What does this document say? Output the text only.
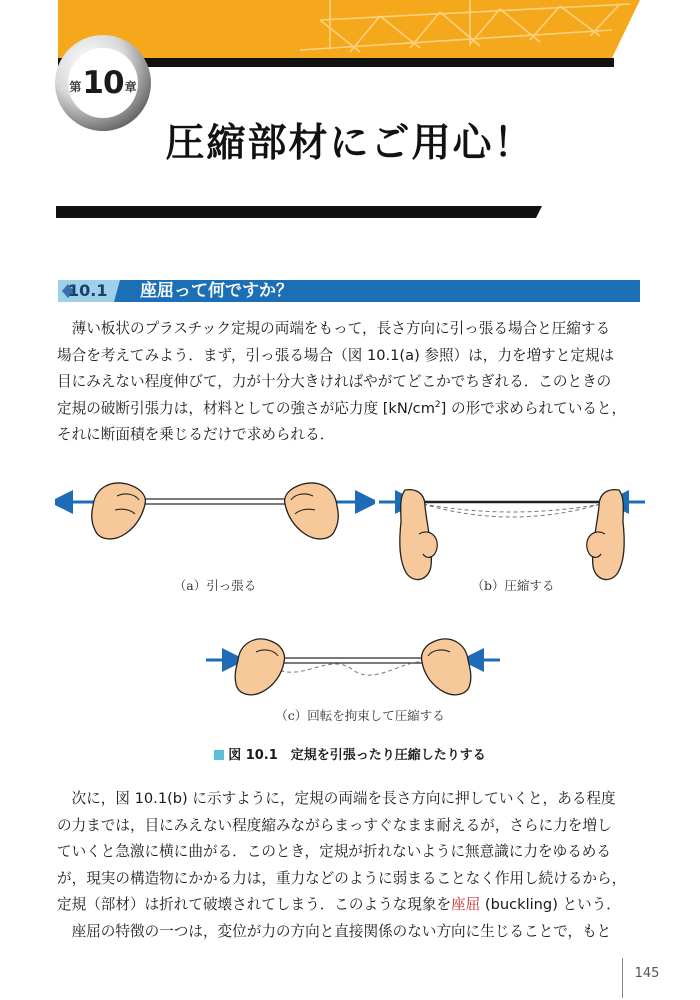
第 10 章
圧縮部材にご用心！
10.1	座屈って何ですか？
薄い板状のプラスチック定規の両端をもって，長さ方向に引っ張る場合と圧縮する
場合を考えてみよう．まず，引っ張る場合（図 10.1(a) 参照）は，力を増すと定規は
目にみえない程度伸びて，力が十分大きければやがてどこかでちぎれる．このときの
定規の破断引張力は，材料としての強さが応力度 $[kN/cm^2]$ の形で求められていると，
それに断面積を乗じるだけで求められる．
（a）引っ張る	（b）圧縮する
（c）回転を拘束して圧縮する
図 10.1　定規を引張ったり圧縮したりする
次に，図 10.1(b) に示すように，定規の両端を長さ方向に押していくと，ある程度
の力までは，目にみえない程度縮みながらまっすぐなまま耐えるが，さらに力を増し
ていくと急激に横に曲がる．このとき，定規が折れないように無意識に力をゆるめる
が，現実の構造物にかかる力は，重力などのように弱まることなく作用し続けるから，
定規（部材）は折れて破壊されてしまう．このような現象を座屈 (buckling) という．
座屈の特徴の一つは，変位が力の方向と直接関係のない方向に生じることで，もと
145
